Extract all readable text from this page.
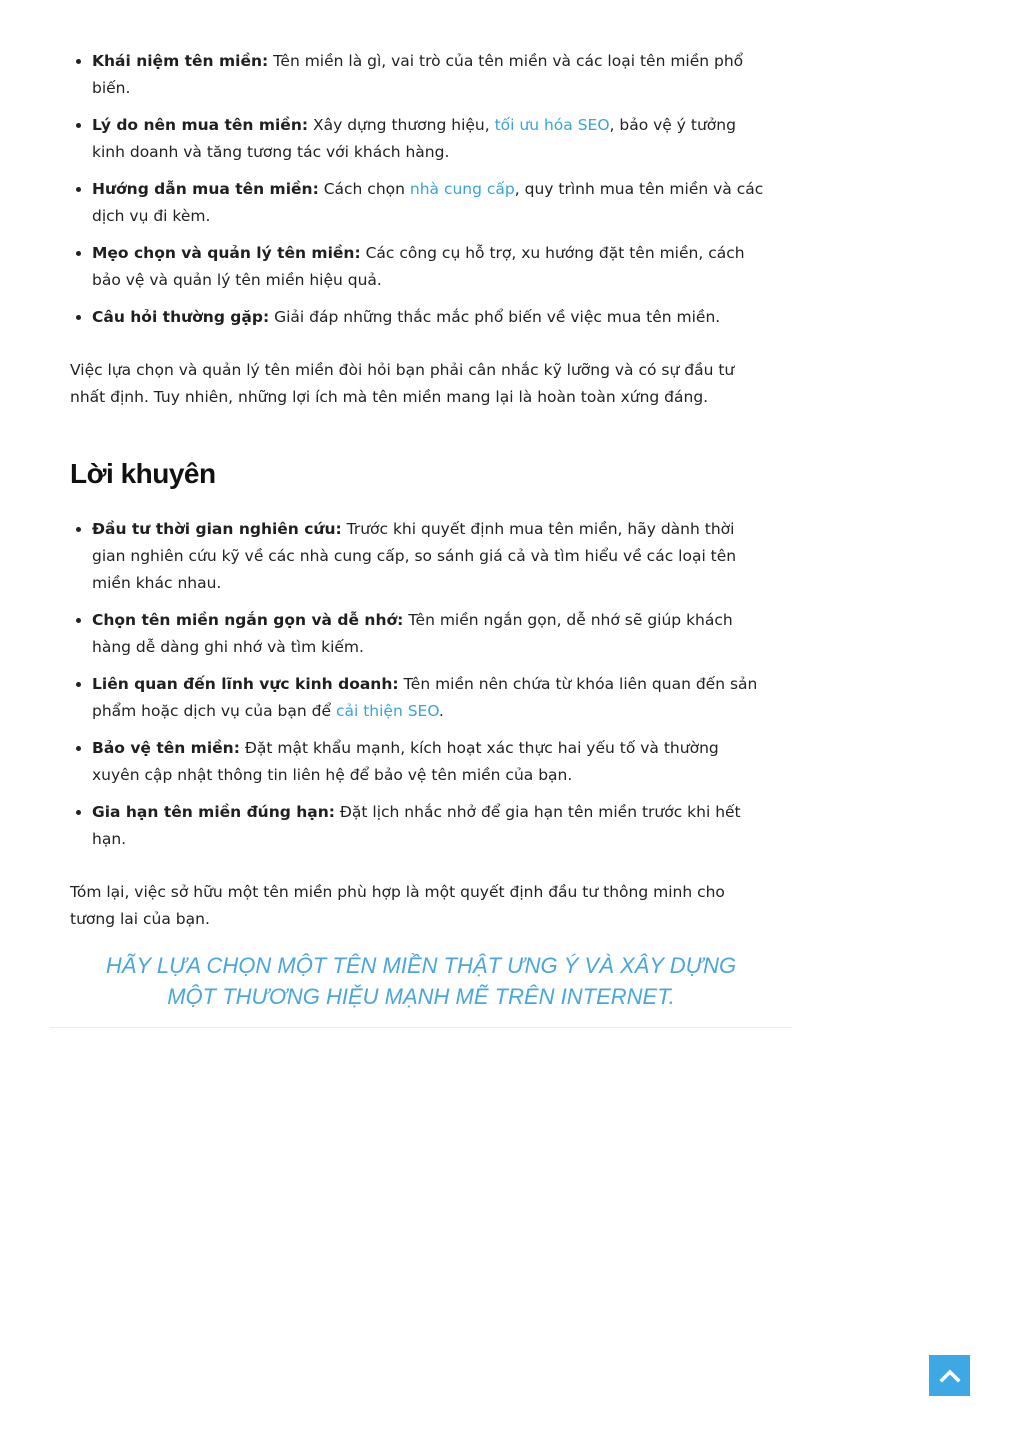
• Khái niệm tên miền: Tên miền là gì, vai trò của tên miền và các loại tên miền phổ biến.
• Lý do nên mua tên miền: Xây dựng thương hiệu, tối ưu hóa SEO, bảo vệ ý tưởng kinh doanh và tăng tương tác với khách hàng.
• Hướng dẫn mua tên miền: Cách chọn nhà cung cấp, quy trình mua tên miền và các dịch vụ đi kèm.
• Mẹo chọn và quản lý tên miền: Các công cụ hỗ trợ, xu hướng đặt tên miền, cách bảo vệ và quản lý tên miền hiệu quả.
• Câu hỏi thường gặp: Giải đáp những thắc mắc phổ biến về việc mua tên miền.

Việc lựa chọn và quản lý tên miền đòi hỏi bạn phải cân nhắc kỹ lưỡng và có sự đầu tư nhất định. Tuy nhiên, những lợi ích mà tên miền mang lại là hoàn toàn xứng đáng.

Lời khuyên
• Đầu tư thời gian nghiên cứu: Trước khi quyết định mua tên miền, hãy dành thời gian nghiên cứu kỹ về các nhà cung cấp, so sánh giá cả và tìm hiểu về các loại tên miền khác nhau.
• Chọn tên miền ngắn gọn và dễ nhớ: Tên miền ngắn gọn, dễ nhớ sẽ giúp khách hàng dễ dàng ghi nhớ và tìm kiếm.
• Liên quan đến lĩnh vực kinh doanh: Tên miền nên chứa từ khóa liên quan đến sản phẩm hoặc dịch vụ của bạn để cải thiện SEO.
• Bảo vệ tên miền: Đặt mật khẩu mạnh, kích hoạt xác thực hai yếu tố và thường xuyên cập nhật thông tin liên hệ để bảo vệ tên miền của bạn.
• Gia hạn tên miền đúng hạn: Đặt lịch nhắc nhở để gia hạn tên miền trước khi hết hạn.

Tóm lại, việc sở hữu một tên miền phù hợp là một quyết định đầu tư thông minh cho tương lai của bạn.

HÃY LỰA CHỌN MỘT TÊN MIỀN THẬT ƯNG Ý VÀ XÂY DỰNG
MỘT THƯƠNG HIỆU MẠNH MẼ TRÊN INTERNET.
